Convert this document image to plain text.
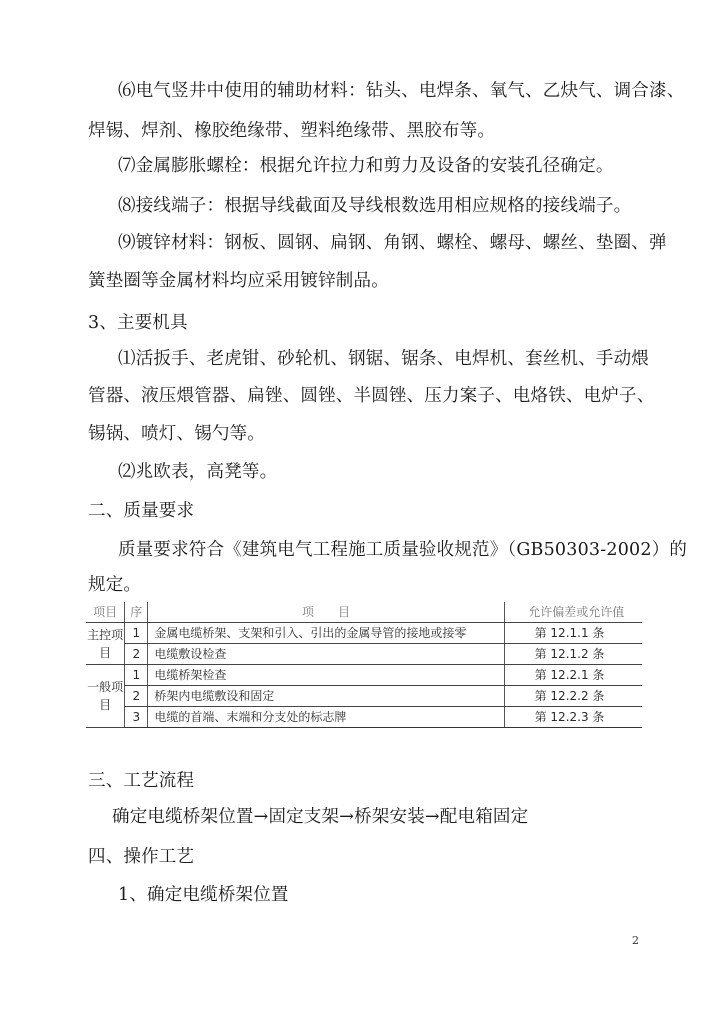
⑹电气竖井中使用的辅助材料：钻头、电焊条、氧气、乙炔气、调合漆、
焊锡、焊剂、橡胶绝缘带、塑料绝缘带、黑胶布等。
⑺金属膨胀螺栓：根据允许拉力和剪力及设备的安装孔径确定。
⑻接线端子：根据导线截面及导线根数选用相应规格的接线端子。
⑼镀锌材料：钢板、圆钢、扁钢、角钢、螺栓、螺母、螺丝、垫圈、弹
簧垫圈等金属材料均应采用镀锌制品。
3、主要机具
⑴活扳手、老虎钳、砂轮机、钢锯、锯条、电焊机、套丝机、手动煨
管器、液压煨管器、扁锉、圆锉、半圆锉、压力案子、电烙铁、电炉子、
锡锅、喷灯、锡勺等。
⑵兆欧表，高凳等。
二、质量要求
质量要求符合《建筑电气工程施工质量验收规范》（GB50303-2002）的
规定。
项目	序	项　　目	允许偏差或允许值
主控项目	1	金属电缆桥架、支架和引入、引出的金属导管的接地或接零	第 12.1.1 条
	2	电缆敷设检查	第 12.1.2 条
一般项目	1	电缆桥架检查	第 12.2.1 条
	2	桥架内电缆敷设和固定	第 12.2.2 条
	3	电缆的首端、末端和分支处的标志牌	第 12.2.3 条
三、工艺流程
确定电缆桥架位置→固定支架→桥架安装→配电箱固定
四、操作工艺
1、确定电缆桥架位置
2
